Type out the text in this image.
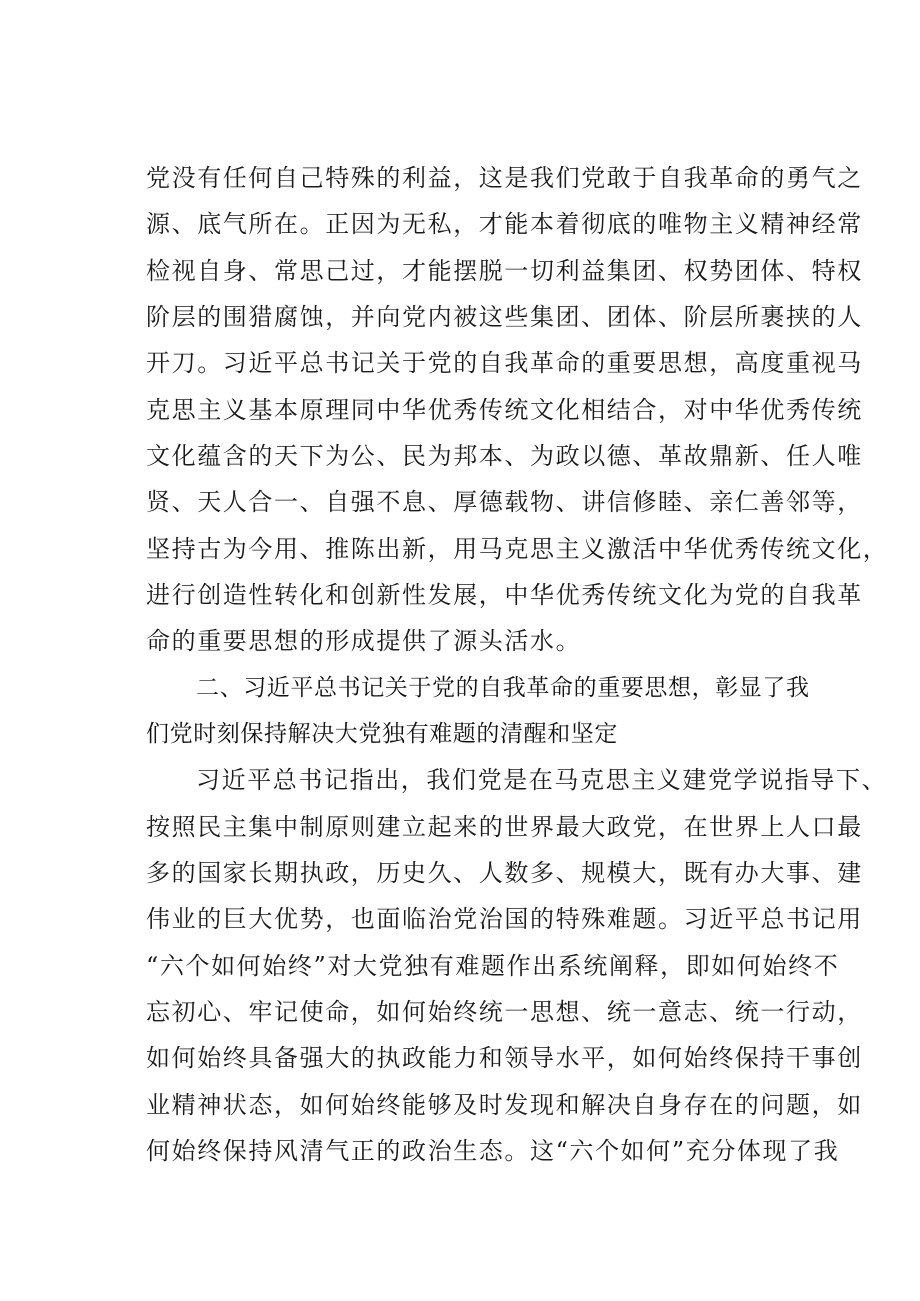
党没有任何自己特殊的利益，这是我们党敢于自我革命的勇气之
源、底气所在。正因为无私，才能本着彻底的唯物主义精神经常
检视自身、常思己过，才能摆脱一切利益集团、权势团体、特权
阶层的围猎腐蚀，并向党内被这些集团、团体、阶层所裹挟的人
开刀。习近平总书记关于党的自我革命的重要思想，高度重视马
克思主义基本原理同中华优秀传统文化相结合，对中华优秀传统
文化蕴含的天下为公、民为邦本、为政以德、革故鼎新、任人唯
贤、天人合一、自强不息、厚德载物、讲信修睦、亲仁善邻等，
坚持古为今用、推陈出新，用马克思主义激活中华优秀传统文化，
进行创造性转化和创新性发展，中华优秀传统文化为党的自我革
命的重要思想的形成提供了源头活水。
二、习近平总书记关于党的自我革命的重要思想，彰显了我
们党时刻保持解决大党独有难题的清醒和坚定
习近平总书记指出，我们党是在马克思主义建党学说指导下、
按照民主集中制原则建立起来的世界最大政党，在世界上人口最
多的国家长期执政，历史久、人数多、规模大，既有办大事、建
伟业的巨大优势，也面临治党治国的特殊难题。习近平总书记用
“六个如何始终”对大党独有难题作出系统阐释，即如何始终不
忘初心、牢记使命，如何始终统一思想、统一意志、统一行动，
如何始终具备强大的执政能力和领导水平，如何始终保持干事创
业精神状态，如何始终能够及时发现和解决自身存在的问题，如
何始终保持风清气正的政治生态。这“六个如何”充分体现了我
